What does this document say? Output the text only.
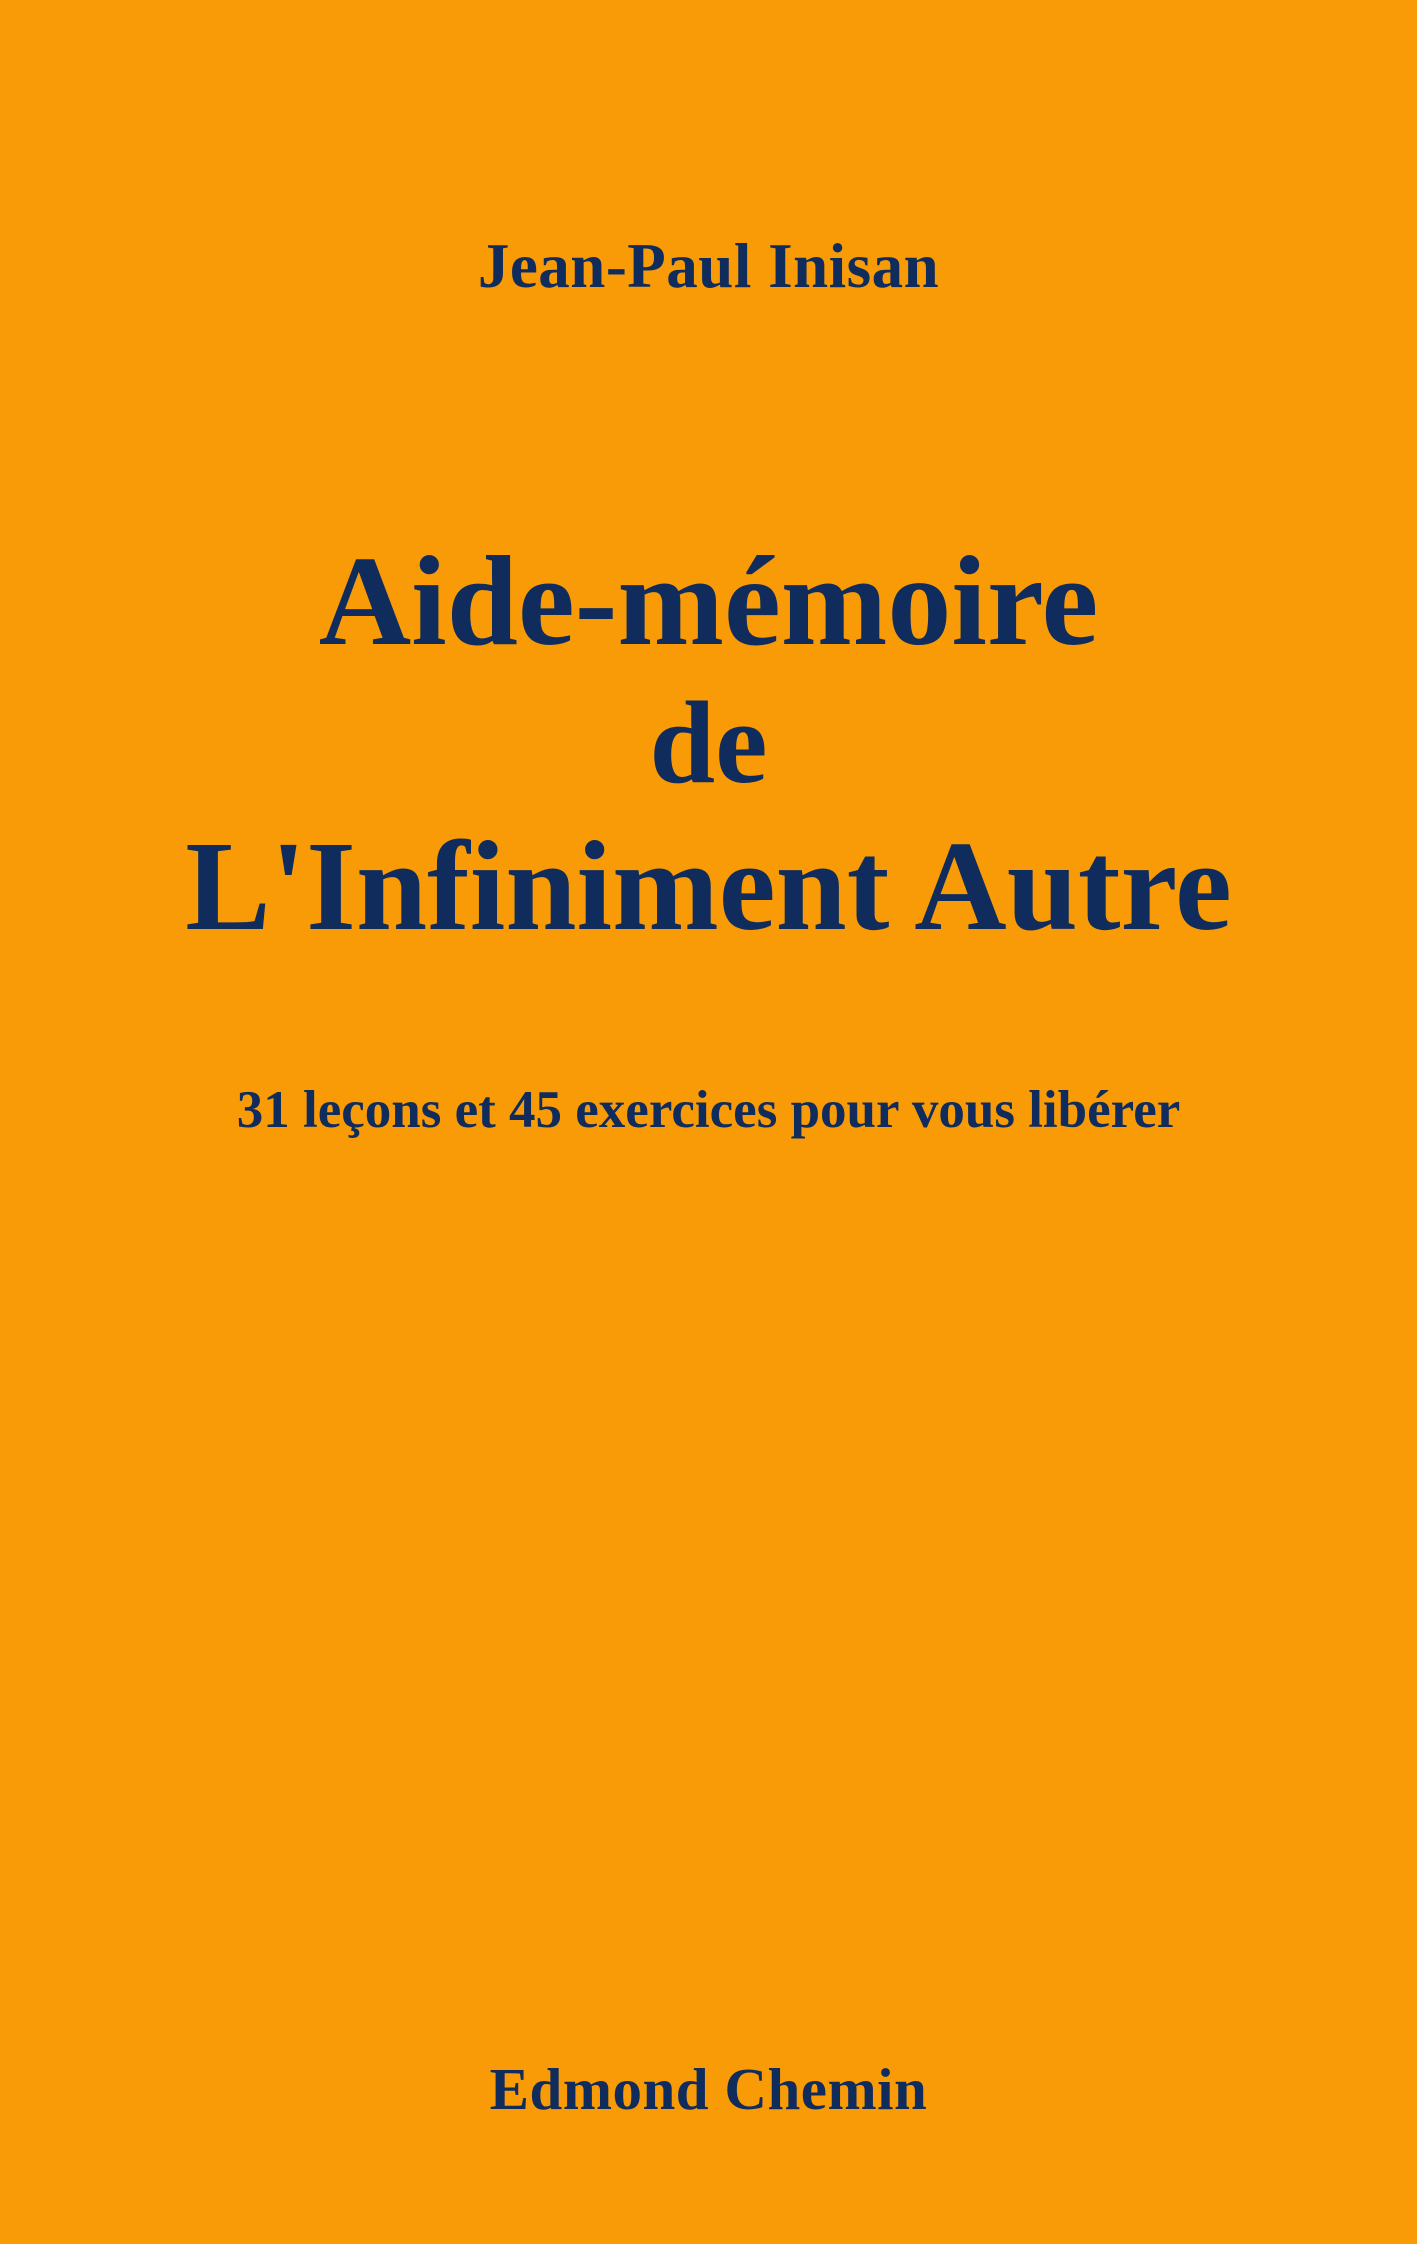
Jean-Paul Inisan
Aide-mémoire
de
L'Infiniment Autre
31 leçons et 45 exercices pour vous libérer
Edmond Chemin
